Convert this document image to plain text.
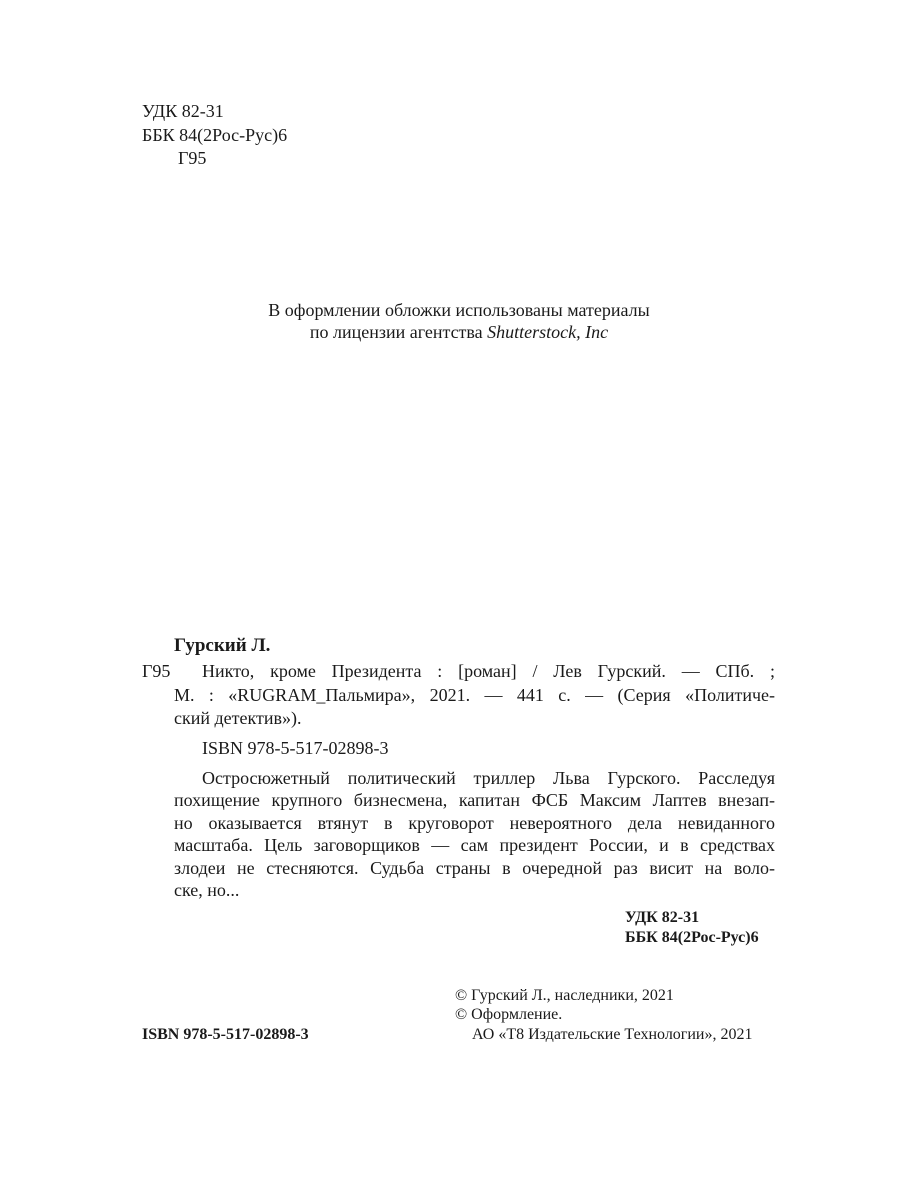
УДК 82-31
ББК 84(2Рос-Рус)6
Г95
В оформлении обложки использованы материалы
по лицензии агентства Shutterstock, Inc
Гурский Л.
Г95 Никто, кроме Президента : [роман] / Лев Гурский. — СПб. ;
М. : «RUGRAM_Пальмира», 2021. — 441 с. — (Серия «Политиче-
ский детектив»).
ISBN 978-5-517-02898-3
Остросюжетный политический триллер Льва Гурского. Расследуя
похищение крупного бизнесмена, капитан ФСБ Максим Лаптев внезап-
но оказывается втянут в круговорот невероятного дела невиданного
масштаба. Цель заговорщиков — сам президент России, и в средствах
злодеи не стесняются. Судьба страны в очередной раз висит на воло-
ске, но...
УДК 82-31
ББК 84(2Рос-Рус)6
© Гурский Л., наследники, 2021
© Оформление.
АО «Т8 Издательские Технологии», 2021
ISBN 978-5-517-02898-3
